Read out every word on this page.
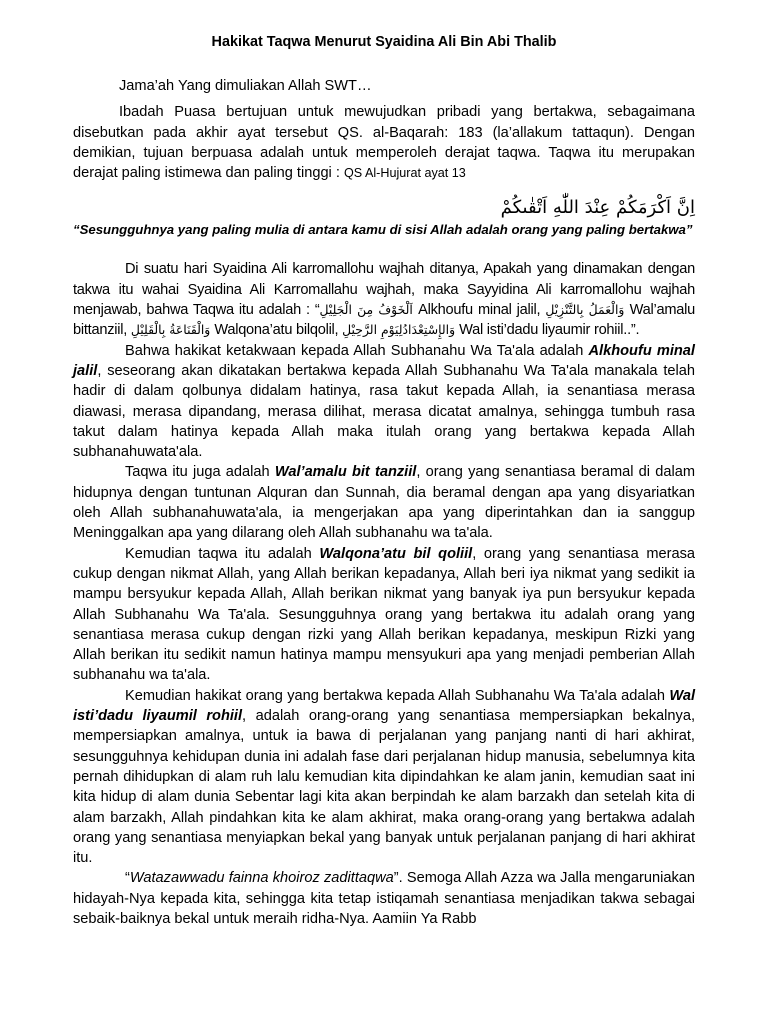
Hakikat Taqwa Menurut Syaidina Ali Bin Abi Thalib

Jama’ah Yang dimuliakan Allah SWT…

Ibadah Puasa bertujuan untuk mewujudkan pribadi yang bertakwa, sebagaimana disebutkan pada akhir ayat tersebut QS. al-Baqarah: 183 (la’allakum tattaqun). Dengan demikian, tujuan berpuasa adalah untuk memperoleh derajat taqwa. Taqwa itu merupakan derajat paling istimewa dan paling tinggi : QS Al-Hujurat ayat 13

اِنَّ اَكْرَمَكُمْ عِنْدَ اللّٰهِ اَتْقٰىكُمْ
“Sesungguhnya yang paling mulia di antara kamu di sisi Allah adalah orang yang paling bertakwa”

Di suatu hari Syaidina Ali karromallohu wajhah ditanya, Apakah yang dinamakan dengan takwa itu wahai Syaidina Ali Karromallahu wajhah, maka Sayyidina Ali karromallohu wajhah menjawab, bahwa Taqwa itu adalah : “اَلْخَوْفُ مِنَ الْجَلِيْلِ Alkhoufu minal jalil, وَالْعَمَلُ بِالتَّنْزِيْلِ Wal’amalu bittanziil, وَالْقَنَاعَةُ بِالْقَلِيْلِ Walqona’atu bilqolil, وَالإِسْتِعْدَادُلِيَوْمِ الرَّحِيْلِ Wal isti’dadu liyaumir rohiil..”.

Bahwa hakikat ketakwaan kepada Allah Subhanahu Wa Ta'ala adalah Alkhoufu minal jalil, seseorang akan dikatakan bertakwa kepada Allah Subhanahu Wa Ta'ala manakala telah hadir di dalam qolbunya didalam hatinya, rasa takut kepada Allah, ia senantiasa merasa diawasi, merasa dipandang, merasa dilihat, merasa dicatat amalnya, sehingga tumbuh rasa takut dalam hatinya kepada Allah maka itulah orang yang bertakwa kepada Allah subhanahuwata'ala.

Taqwa itu juga adalah Wal’amalu bit tanziil, orang yang senantiasa beramal di dalam hidupnya dengan tuntunan Alquran dan Sunnah, dia beramal dengan apa yang disyariatkan oleh Allah subhanahuwata'ala, ia mengerjakan apa yang diperintahkan dan ia sanggup Meninggalkan apa yang dilarang oleh Allah subhanahu wa ta'ala.

Kemudian taqwa itu adalah Walqona’atu bil qoliil, orang yang senantiasa merasa cukup dengan nikmat Allah, yang Allah berikan kepadanya, Allah beri iya nikmat yang sedikit ia mampu bersyukur kepada Allah, Allah berikan nikmat yang banyak iya pun bersyukur kepada Allah Subhanahu Wa Ta'ala. Sesungguhnya orang yang bertakwa itu adalah orang yang senantiasa merasa cukup dengan rizki yang Allah berikan kepadanya, meskipun Rizki yang Allah berikan itu sedikit namun hatinya mampu mensyukuri apa yang menjadi pemberian Allah subhanahu wa ta'ala.

Kemudian hakikat orang yang bertakwa kepada Allah Subhanahu Wa Ta'ala adalah Wal isti’dadu liyaumil rohiil, adalah orang-orang yang senantiasa mempersiapkan bekalnya, mempersiapkan amalnya, untuk ia bawa di perjalanan yang panjang nanti di hari akhirat, sesungguhnya kehidupan dunia ini adalah fase dari perjalanan hidup manusia, sebelumnya kita pernah dihidupkan di alam ruh lalu kemudian kita dipindahkan ke alam janin, kemudian saat ini kita hidup di alam dunia Sebentar lagi kita akan berpindah ke alam barzakh dan setelah kita di alam barzakh, Allah pindahkan kita ke alam akhirat, maka orang-orang yang bertakwa adalah orang yang senantiasa menyiapkan bekal yang banyak untuk perjalanan panjang di hari akhirat itu.

“Watazawwadu fainna khoiroz zadittaqwa”. Semoga Allah Azza wa Jalla mengaruniakan hidayah-Nya kepada kita, sehingga kita tetap istiqamah senantiasa menjadikan takwa sebagai sebaik-baiknya bekal untuk meraih ridha-Nya. Aamiin Ya Rabb
